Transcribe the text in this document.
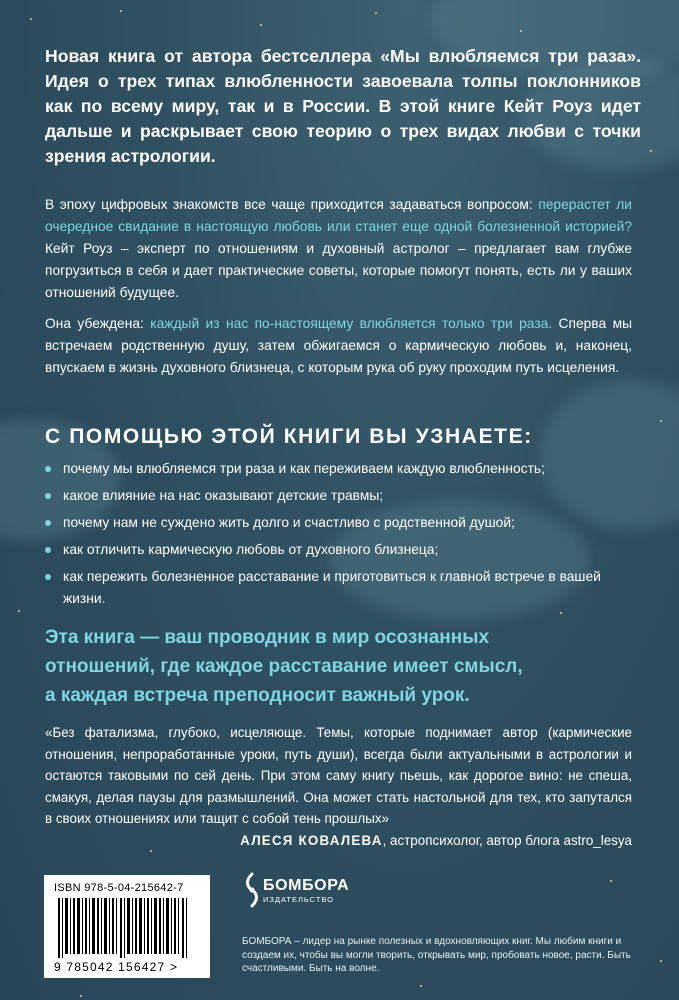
Новая книга от автора бестселлера «Мы влюбляемся три раза». Идея о трех типах влюбленности завоевала толпы поклонников как по всему миру, так и в России. В этой книге Кейт Роуз идет дальше и раскрывает свою теорию о трех видах любви с точки зрения астрологии.

В эпоху цифровых знакомств все чаще приходится задаваться вопросом: перерастет ли очередное свидание в настоящую любовь или станет еще одной болезненной историей? Кейт Роуз – эксперт по отношениям и духовный астролог – предлагает вам глубже погрузиться в себя и дает практические советы, которые помогут понять, есть ли у ваших отношений будущее.

Она убеждена: каждый из нас по-настоящему влюбляется только три раза. Сперва мы встречаем родственную душу, затем обжигаемся о кармическую любовь и, наконец, впускаем в жизнь духовного близнеца, с которым рука об руку проходим путь исцеления.

С ПОМОЩЬЮ ЭТОЙ КНИГИ ВЫ УЗНАЕТЕ:
почему мы влюбляемся три раза и как переживаем каждую влюбленность;
какое влияние на нас оказывают детские травмы;
почему нам не суждено жить долго и счастливо с родственной душой;
как отличить кармическую любовь от духовного близнеца;
как пережить болезненное расставание и приготовиться к главной встрече в вашей жизни.

Эта книга — ваш проводник в мир осознанных
отношений, где каждое расставание имеет смысл,
а каждая встреча преподносит важный урок.

«Без фатализма, глубоко, исцеляюще. Темы, которые поднимает автор (кармические отношения, непроработанные уроки, путь души), всегда были актуальными в астрологии и остаются таковыми по сей день. При этом саму книгу пьешь, как дорогое вино: не спеша, смакуя, делая паузы для размышлений. Она может стать настольной для тех, кто запутался в своих отношениях или тащит с собой тень прошлых»

АЛЕСЯ КОВАЛЕВА, астропсихолог, автор блога astro_lesya
ISBN 978-5-04-215642-7
9 785042 156427 >
БОМБОРА
ИЗДАТЕЛЬСТВО

БОМБОРА – лидер на рынке полезных и вдохновляющих книг. Мы любим книги и создаем их, чтобы вы могли творить, открывать мир, пробовать новое, расти. Быть счастливыми. Быть на волне.
